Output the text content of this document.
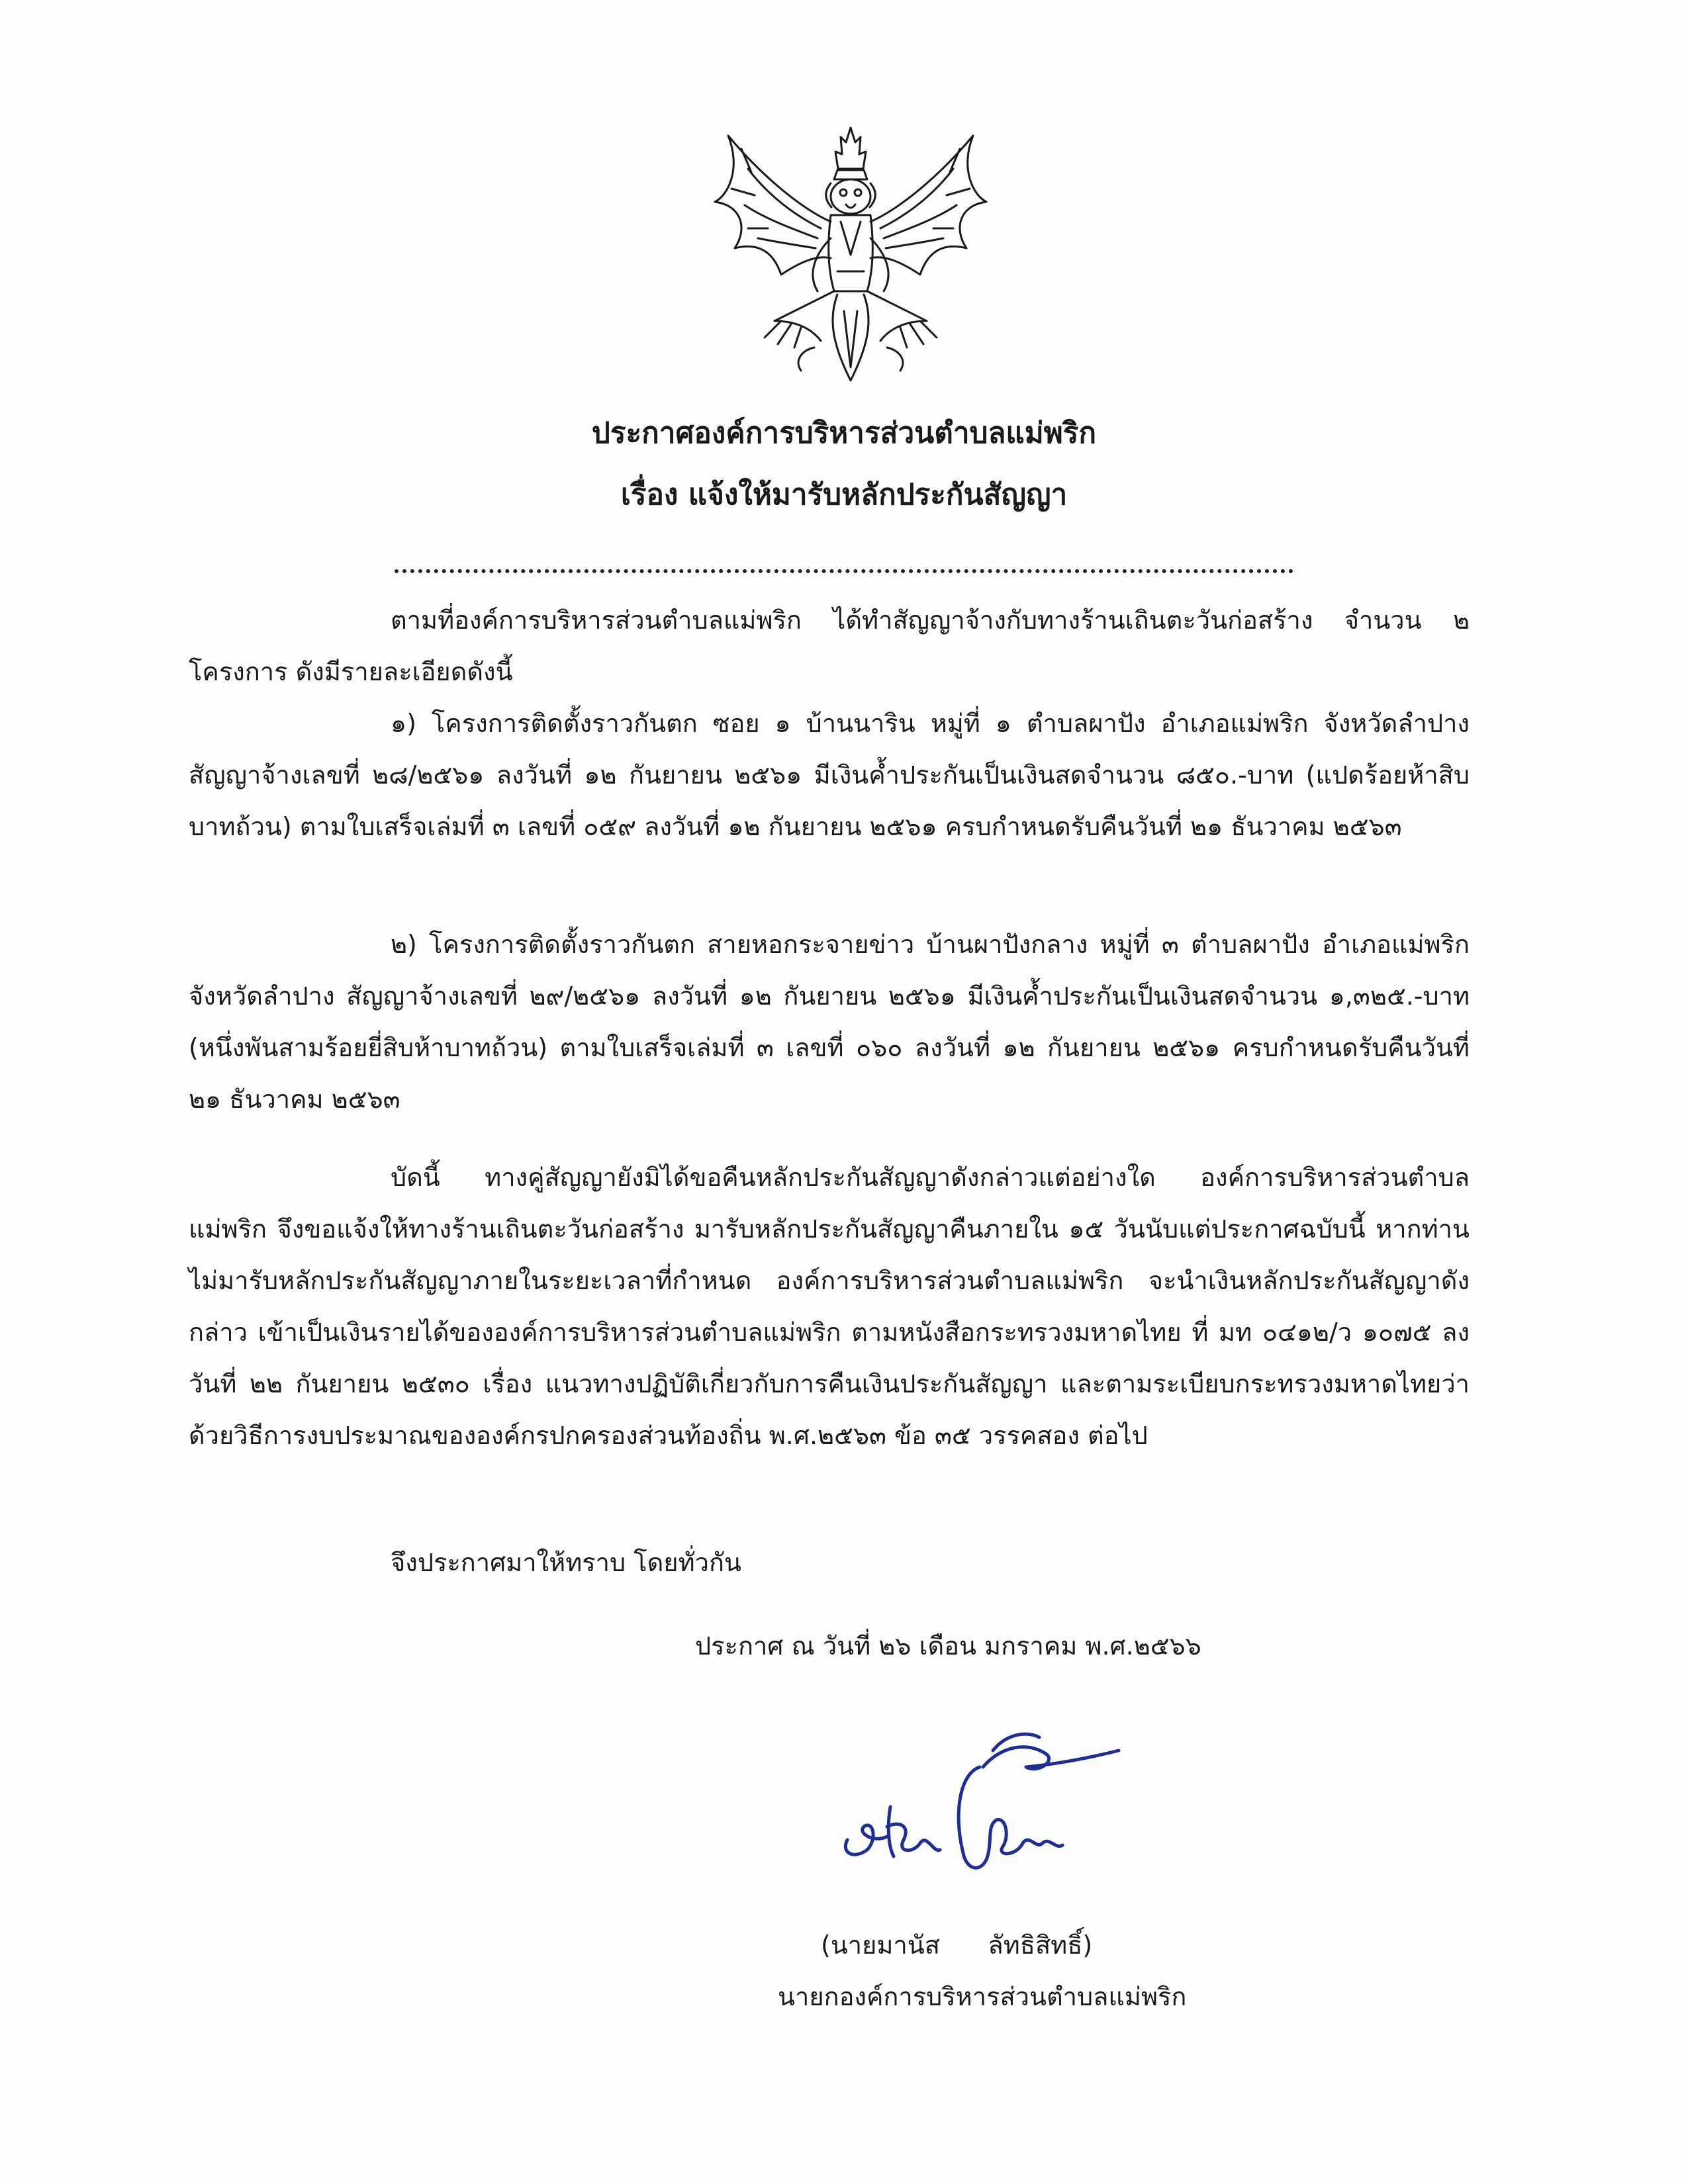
ประกาศองค์การบริหารส่วนตำบลแม่พริก
เรื่อง แจ้งให้มารับหลักประกันสัญญา

ตามที่องค์การบริหารส่วนตำบลแม่พริก ได้ทำสัญญาจ้างกับทางร้านเถินตะวันก่อสร้าง จำนวน ๒ โครงการ ดังมีรายละเอียดดังนี้

๑) โครงการติดตั้งราวกันตก ซอย ๑ บ้านนาริน หมู่ที่ ๑ ตำบลผาปัง อำเภอแม่พริก จังหวัดลำปาง สัญญาจ้างเลขที่ ๒๘/๒๕๖๑ ลงวันที่ ๑๒ กันยายน ๒๕๖๑ มีเงินค้ำประกันเป็นเงินสดจำนวน ๘๕๐.-บาท (แปดร้อยห้าสิบบาทถ้วน) ตามใบเสร็จเล่มที่ ๓ เลขที่ ๐๕๙ ลงวันที่ ๑๒ กันยายน ๒๕๖๑ ครบกำหนดรับคืนวันที่ ๒๑ ธันวาคม ๒๕๖๓

๒) โครงการติดตั้งราวกันตก สายหอกระจายข่าว บ้านผาปังกลาง หมู่ที่ ๓ ตำบลผาปัง อำเภอแม่พริก จังหวัดลำปาง สัญญาจ้างเลขที่ ๒๙/๒๕๖๑ ลงวันที่ ๑๒ กันยายน ๒๕๖๑ มีเงินค้ำประกันเป็นเงินสดจำนวน ๑,๓๒๕.-บาท (หนึ่งพันสามร้อยยี่สิบห้าบาทถ้วน) ตามใบเสร็จเล่มที่ ๓ เลขที่ ๐๖๐ ลงวันที่ ๑๒ กันยายน ๒๕๖๑ ครบกำหนดรับคืนวันที่ ๒๑ ธันวาคม ๒๕๖๓

บัดนี้ ทางคู่สัญญายังมิได้ขอคืนหลักประกันสัญญาดังกล่าวแต่อย่างใด องค์การบริหารส่วนตำบลแม่พริก จึงขอแจ้งให้ทางร้านเถินตะวันก่อสร้าง มารับหลักประกันสัญญาคืนภายใน ๑๕ วันนับแต่ประกาศฉบับนี้ หากท่านไม่มารับหลักประกันสัญญาภายในระยะเวลาที่กำหนด องค์การบริหารส่วนตำบลแม่พริก จะนำเงินหลักประกันสัญญาดังกล่าว เข้าเป็นเงินรายได้ขององค์การบริหารส่วนตำบลแม่พริก ตามหนังสือกระทรวงมหาดไทย ที่ มท ๐๔๑๒/ว ๑๐๗๕ ลงวันที่ ๒๒ กันยายน ๒๕๓๐ เรื่อง แนวทางปฏิบัติเกี่ยวกับการคืนเงินประกันสัญญา และตามระเบียบกระทรวงมหาดไทยว่าด้วยวิธีการงบประมาณขององค์กรปกครองส่วนท้องถิ่น พ.ศ.๒๕๖๓ ข้อ ๓๕ วรรคสอง ต่อไป

จึงประกาศมาให้ทราบ โดยทั่วกัน

ประกาศ ณ วันที่ ๒๖ เดือน มกราคม พ.ศ.๒๕๖๖
(นายมานัส      ลัทธิสิทธิ์)
นายกองค์การบริหารส่วนตำบลแม่พริก
